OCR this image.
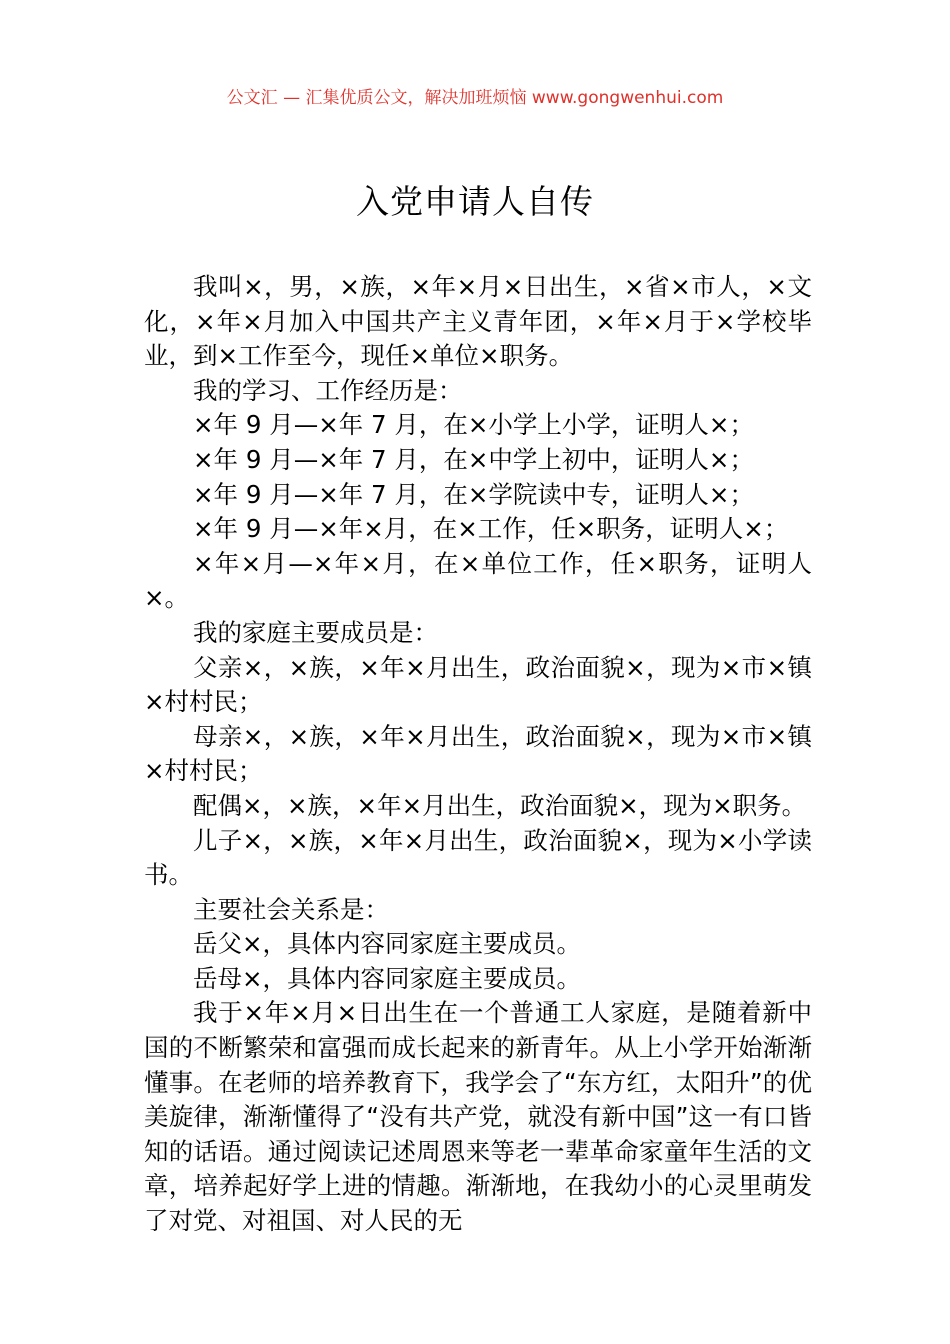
公文汇 — 汇集优质公文，解决加班烦恼 www.gongwenhui.com
入党申请人自传

我叫×，男，×族，×年×月×日出生，×省×市人，×文化，×年×月加入中国共产主义青年团，×年×月于×学校毕业，到×工作至今，现任×单位×职务。

我的学习、工作经历是：

×年 9 月—×年 7 月，在×小学上小学，证明人×；

×年 9 月—×年 7 月，在×中学上初中，证明人×；

×年 9 月—×年 7 月，在×学院读中专，证明人×；

×年 9 月—×年×月，在×工作，任×职务，证明人×；

×年×月—×年×月，在×单位工作，任×职务，证明人×。

我的家庭主要成员是：

父亲×，×族，×年×月出生，政治面貌×，现为×市×镇×村村民；

母亲×，×族，×年×月出生，政治面貌×，现为×市×镇×村村民；

配偶×，×族，×年×月出生，政治面貌×，现为×职务。

儿子×，×族，×年×月出生，政治面貌×，现为×小学读书。

主要社会关系是：

岳父×，具体内容同家庭主要成员。

岳母×，具体内容同家庭主要成员。

我于×年×月×日出生在一个普通工人家庭，是随着新中国的不断繁荣和富强而成长起来的新青年。从上小学开始渐渐懂事。在老师的培养教育下，我学会了“东方红，太阳升”的优美旋律，渐渐懂得了“没有共产党，就没有新中国”这一有口皆知的话语。通过阅读记述周恩来等老一辈革命家童年生活的文章，培养起好学上进的情趣。渐渐地，在我幼小的心灵里萌发了对党、对祖国、对人民的无
